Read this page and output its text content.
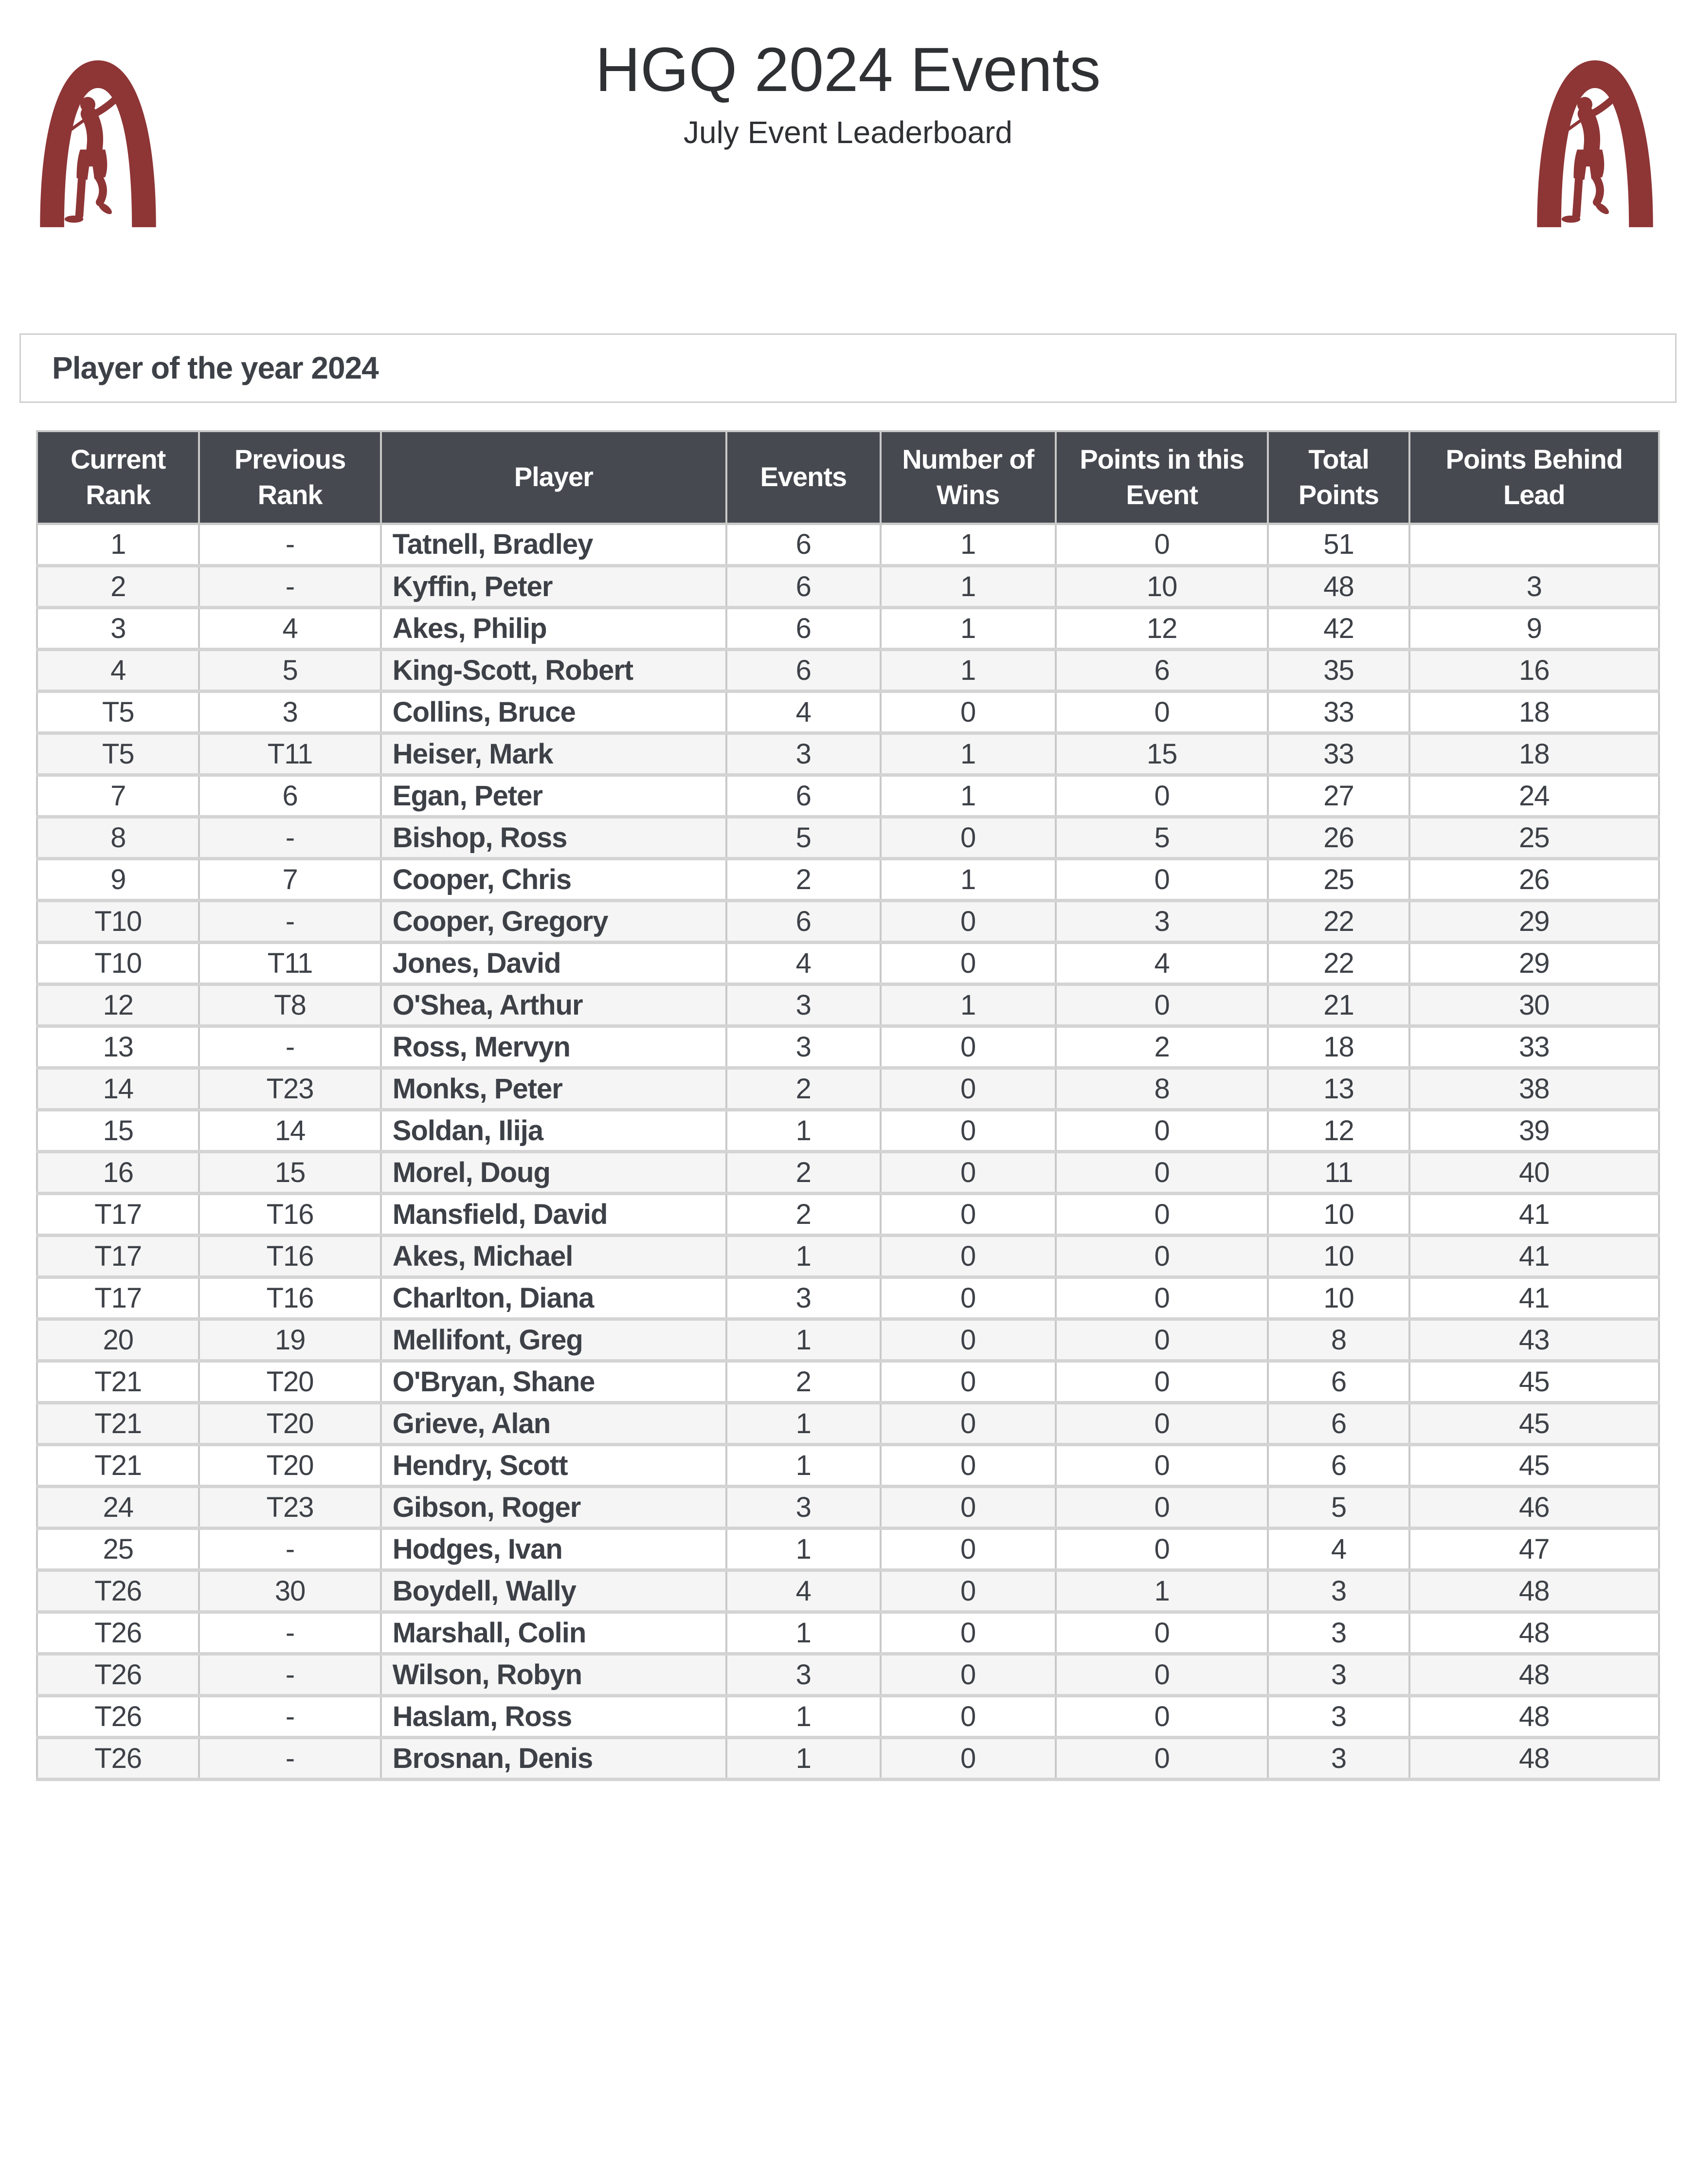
HGQ 2024 Events
July Event Leaderboard
Player of the year 2024
Current Rank	Previous Rank	Player	Events	Number of Wins	Points in this Event	Total Points	Points Behind Lead
1	-	Tatnell, Bradley	6	1	0	51	
2	-	Kyffin, Peter	6	1	10	48	3
3	4	Akes, Philip	6	1	12	42	9
4	5	King-Scott, Robert	6	1	6	35	16
T5	3	Collins, Bruce	4	0	0	33	18
T5	T11	Heiser, Mark	3	1	15	33	18
7	6	Egan, Peter	6	1	0	27	24
8	-	Bishop, Ross	5	0	5	26	25
9	7	Cooper, Chris	2	1	0	25	26
T10	-	Cooper, Gregory	6	0	3	22	29
T10	T11	Jones, David	4	0	4	22	29
12	T8	O'Shea, Arthur	3	1	0	21	30
13	-	Ross, Mervyn	3	0	2	18	33
14	T23	Monks, Peter	2	0	8	13	38
15	14	Soldan, Ilija	1	0	0	12	39
16	15	Morel, Doug	2	0	0	11	40
T17	T16	Mansfield, David	2	0	0	10	41
T17	T16	Akes, Michael	1	0	0	10	41
T17	T16	Charlton, Diana	3	0	0	10	41
20	19	Mellifont, Greg	1	0	0	8	43
T21	T20	O'Bryan, Shane	2	0	0	6	45
T21	T20	Grieve, Alan	1	0	0	6	45
T21	T20	Hendry, Scott	1	0	0	6	45
24	T23	Gibson, Roger	3	0	0	5	46
25	-	Hodges, Ivan	1	0	0	4	47
T26	30	Boydell, Wally	4	0	1	3	48
T26	-	Marshall, Colin	1	0	0	3	48
T26	-	Wilson, Robyn	3	0	0	3	48
T26	-	Haslam, Ross	1	0	0	3	48
T26	-	Brosnan, Denis	1	0	0	3	48
